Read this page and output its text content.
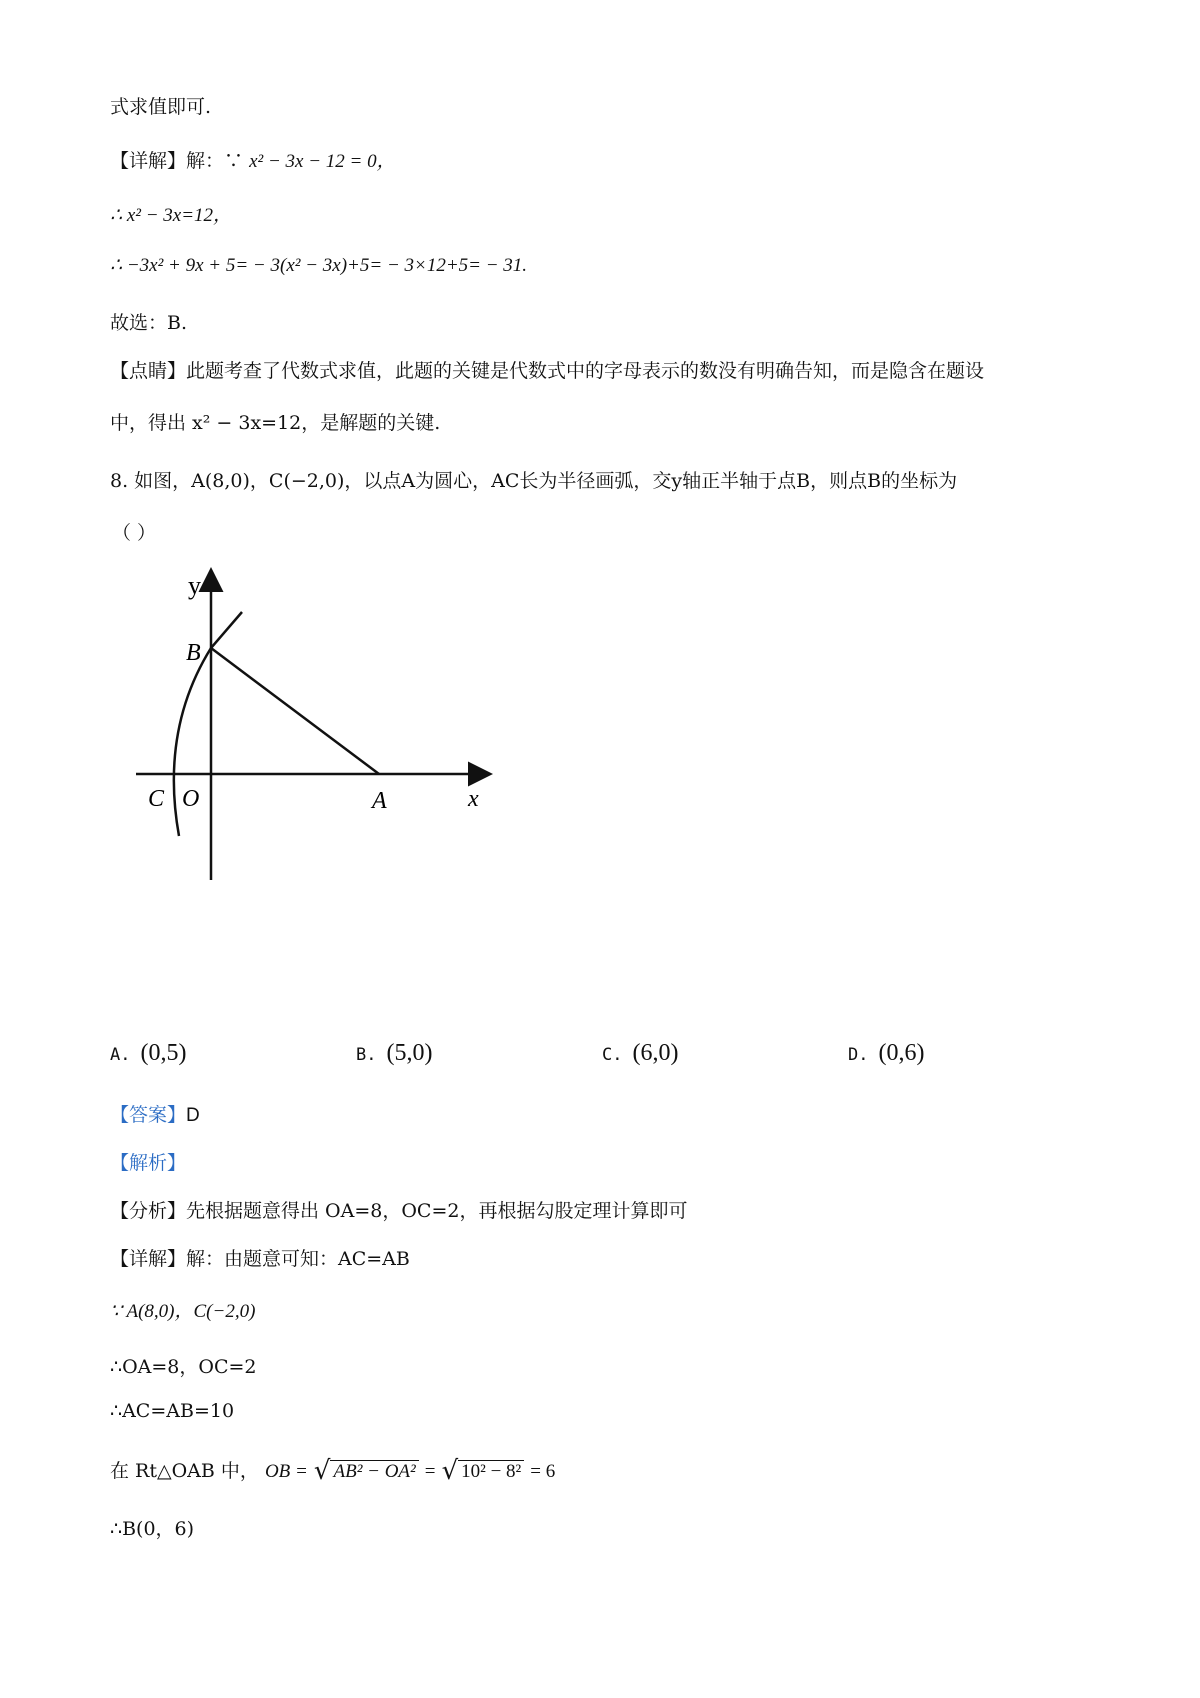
式求值即可.
【详解】解：∵ x² − 3x − 12 = 0，
∴ x² − 3x=12，
∴ −3x² + 9x + 5= − 3(x² − 3x)+5= − 3×12+5= − 31.
故选：B.
【点睛】此题考查了代数式求值，此题的关键是代数式中的字母表示的数没有明确告知，而是隐含在题设
中，得出 x² − 3x=12，是解题的关键.
8. 如图，A(8,0)，C(−2,0)，以点A为圆心，AC长为半径画弧，交y轴正半轴于点B，则点B的坐标为
（ ）
y
B
C O	A	x
A. (0,5)	B. (5,0)	C. (6,0)	D. (0,6)
【答案】D
【解析】
【分析】先根据题意得出 OA=8，OC=2，再根据勾股定理计算即可
【详解】解：由题意可知：AC=AB
∵ A(8,0)，C(−2,0)
∴OA=8，OC=2
∴AC=AB=10
在 Rt△OAB 中， OB = √ AB² − OA² = √ 10² − 8² = 6
∴B(0，6)
